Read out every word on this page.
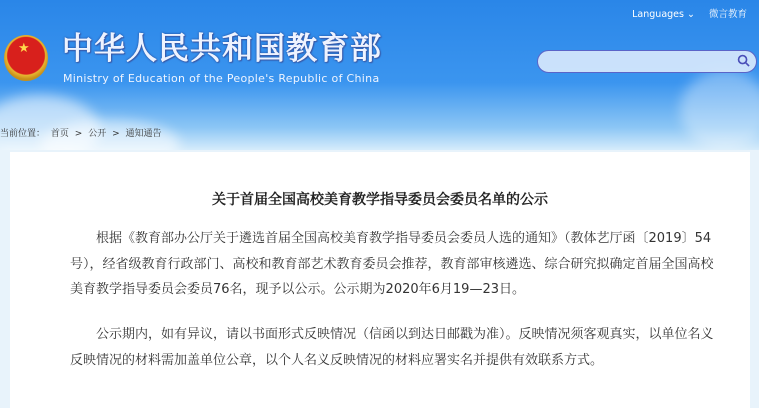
★ 中华人民共和国教育部
Ministry of Education of the People's Republic of China
Languages ⌄ 微言教育
当前位置： 首页 > 公开 > 通知通告
关于首届全国高校美育教学指导委员会委员名单的公示
根据《教育部办公厅关于遴选首届全国高校美育教学指导委员会委员人选的通知》（教体艺厅函〔2019〕54
号），经省级教育行政部门、高校和教育部艺术教育委员会推荐，教育部审核遴选、综合研究拟确定首届全国高校
美育教学指导委员会委员76名，现予以公示。公示期为2020年6月19—23日。
公示期内，如有异议，请以书面形式反映情况（信函以到达日邮戳为准）。反映情况须客观真实，以单位名义
反映情况的材料需加盖单位公章，以个人名义反映情况的材料应署实名并提供有效联系方式。
